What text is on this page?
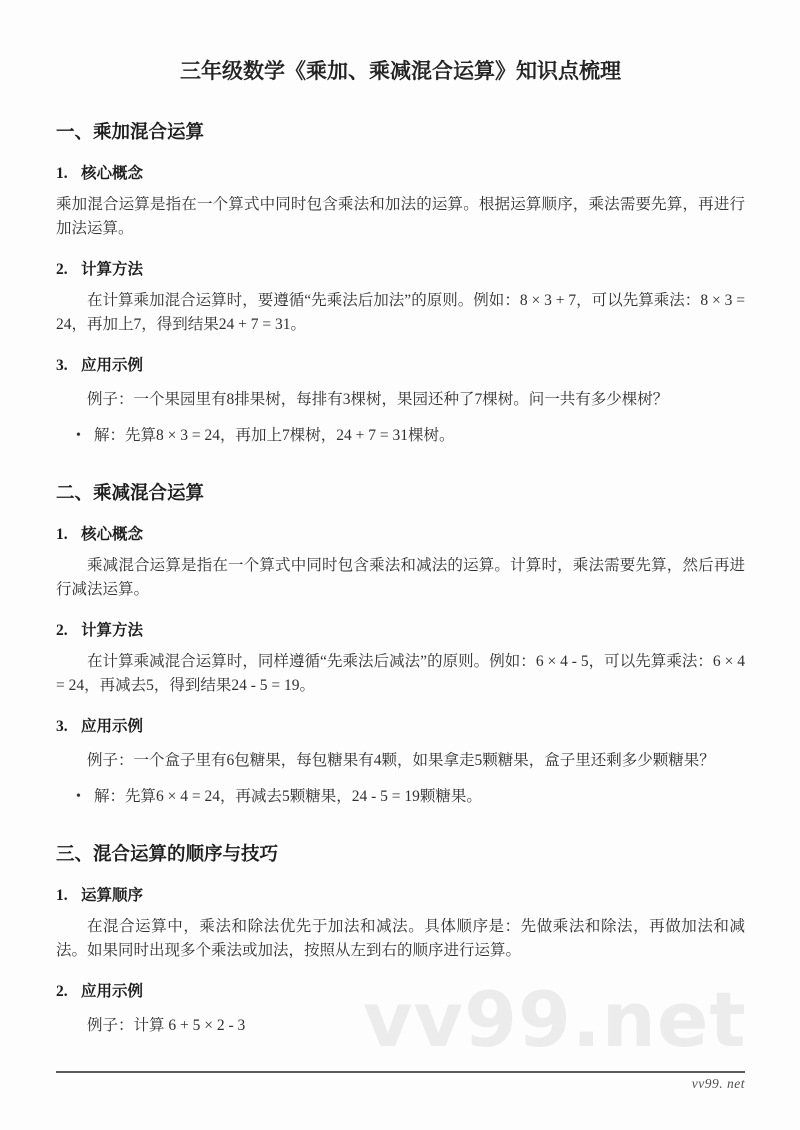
vv99.net
三年级数学《乘加、乘减混合运算》知识点梳理
一、乘加混合运算
1. 核心概念

乘加混合运算是指在一个算式中同时包含乘法和加法的运算。根据运算顺序，乘法需要先算，再进行加法运算。

2. 计算方法

在计算乘加混合运算时，要遵循“先乘法后加法”的原则。例如：8 × 3 + 7，可以先算乘法：8 × 3 = 24，再加上7，得到结果24 + 7 = 31。

3. 应用示例

例子：一个果园里有8排果树，每排有3棵树，果园还种了7棵树。问一共有多少棵树？

• 解：先算8 × 3 = 24，再加上7棵树，24 + 7 = 31棵树。
二、乘减混合运算
1. 核心概念

乘减混合运算是指在一个算式中同时包含乘法和减法的运算。计算时，乘法需要先算，然后再进行减法运算。

2. 计算方法

在计算乘减混合运算时，同样遵循“先乘法后减法”的原则。例如：6 × 4 - 5，可以先算乘法：6 × 4 = 24，再减去5，得到结果24 - 5 = 19。

3. 应用示例

例子：一个盒子里有6包糖果，每包糖果有4颗，如果拿走5颗糖果，盒子里还剩多少颗糖果？

• 解：先算6 × 4 = 24，再减去5颗糖果，24 - 5 = 19颗糖果。
三、混合运算的顺序与技巧
1. 运算顺序

在混合运算中，乘法和除法优先于加法和减法。具体顺序是：先做乘法和除法，再做加法和减法。如果同时出现多个乘法或加法，按照从左到右的顺序进行运算。

2. 应用示例

例子：计算 6 + 5 × 2 - 3

vv99. net
